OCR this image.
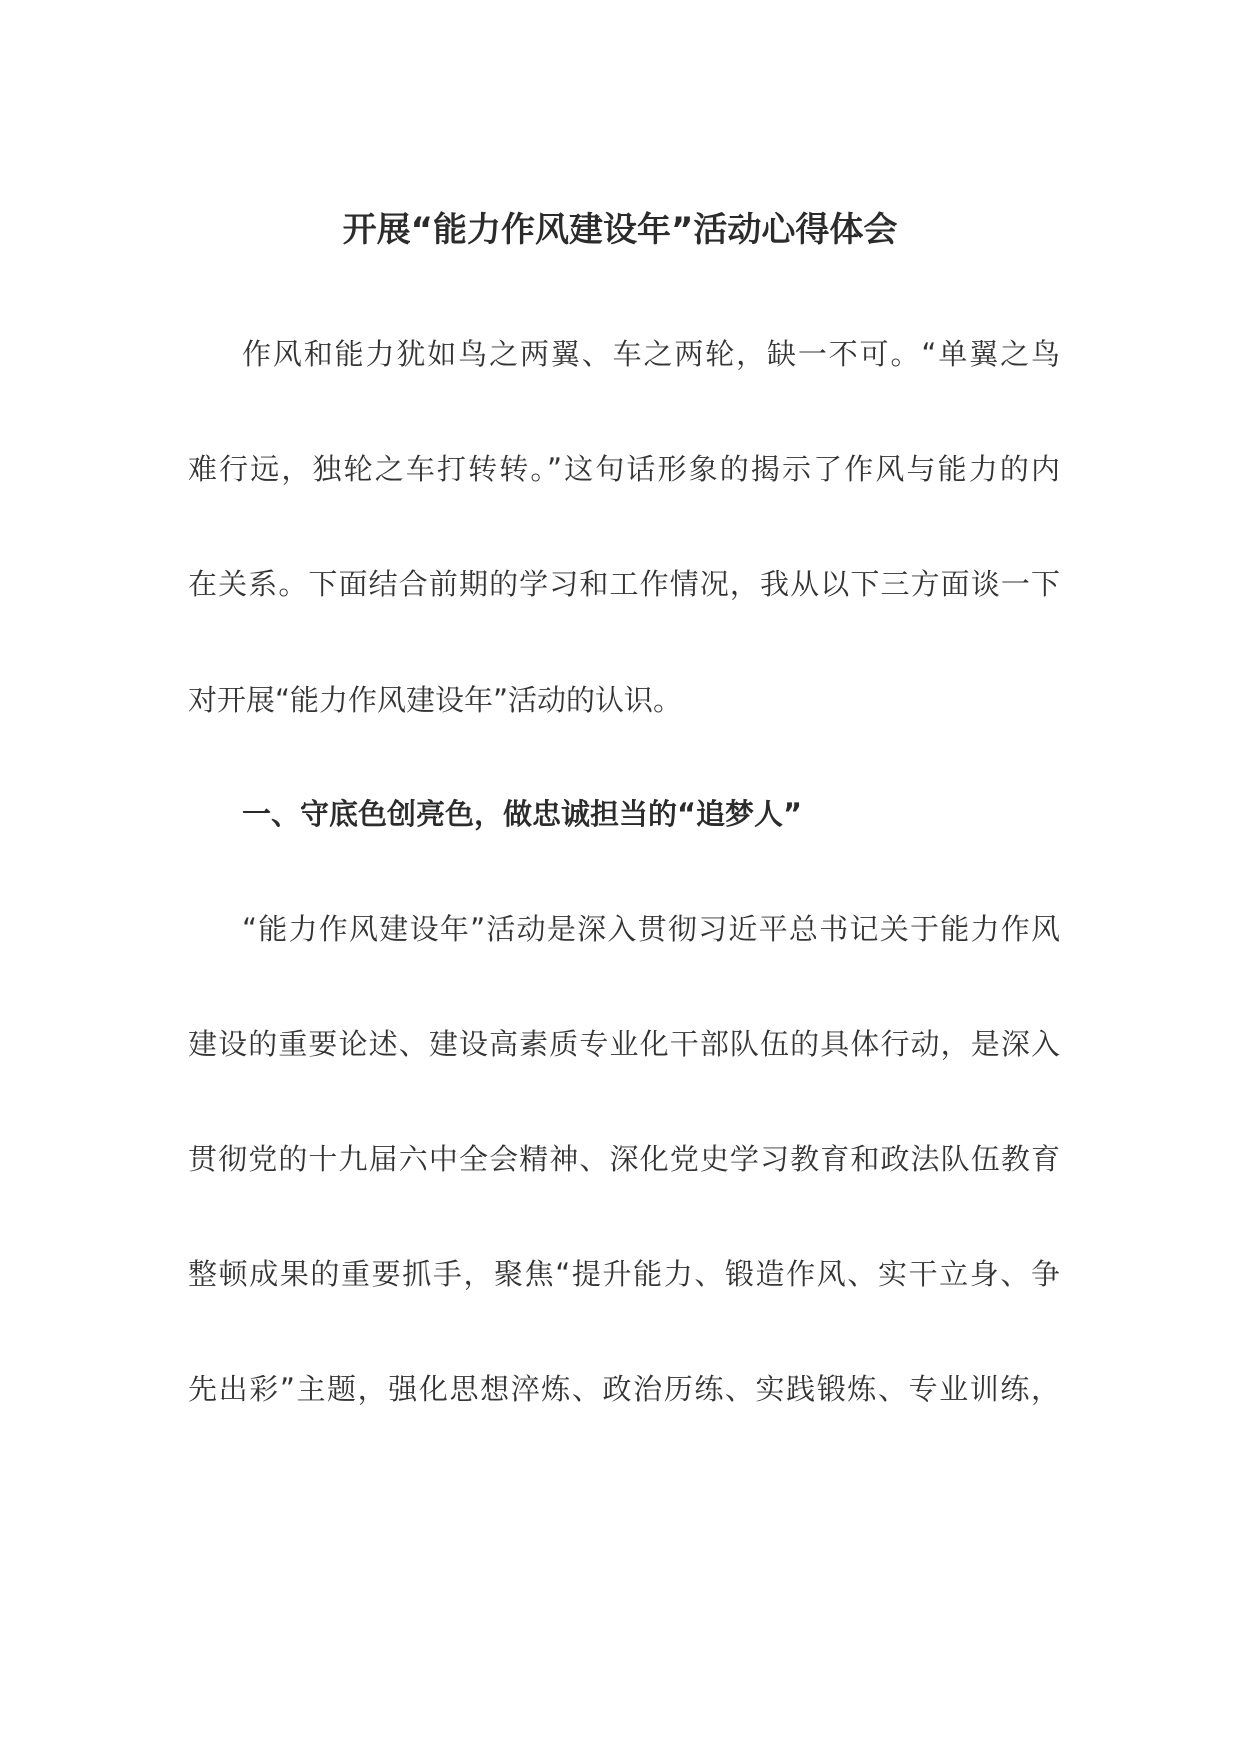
开展“能力作风建设年”活动心得体会
作风和能力犹如鸟之两翼、车之两轮，缺一不可。“单翼之鸟
难行远，独轮之车打转转。”这句话形象的揭示了作风与能力的内
在关系。下面结合前期的学习和工作情况，我从以下三方面谈一下
对开展“能力作风建设年”活动的认识。
一、守底色创亮色，做忠诚担当的“追梦人”
“能力作风建设年”活动是深入贯彻习近平总书记关于能力作风
建设的重要论述、建设高素质专业化干部队伍的具体行动，是深入
贯彻党的十九届六中全会精神、深化党史学习教育和政法队伍教育
整顿成果的重要抓手，聚焦“提升能力、锻造作风、实干立身、争
先出彩”主题，强化思想淬炼、政治历练、实践锻炼、专业训练，
